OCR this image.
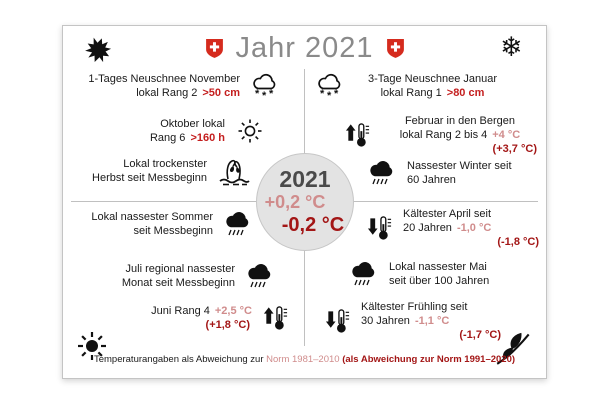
❄
Jahr 2021
1-Tages Neuschnee November
lokal Rang 2 >50 cm * * *
Oktober lokal
Rang 6 >160 h
Lokal trockenster
Herbst seit Messbeginn
Lokal nassester Sommer
seit Messbeginn
Juli regional nassester
Monat seit Messbeginn
Juni Rang 4 +2,5 °C
(+1,8 °C)
2021
+0,2 °C
-0,2 °C
* * *
3-Tage Neuschnee Januar
lokal Rang 1 >80 cm
Februar in den Bergen
lokal Rang 2 bis 4 +4 °C
(+3,7 °C)
Nassester Winter seit
60 Jahren
Kältester April seit
20 Jahren -1,0 °C
(-1,8 °C)
Lokal nassester Mai
seit über 100 Jahren
Kältester Frühling seit
30 Jahren -1,1 °C
(-1,7 °C)
Temperaturangaben als Abweichung zur Norm 1981–2010 (als Abweichung zur Norm 1991–2020)
